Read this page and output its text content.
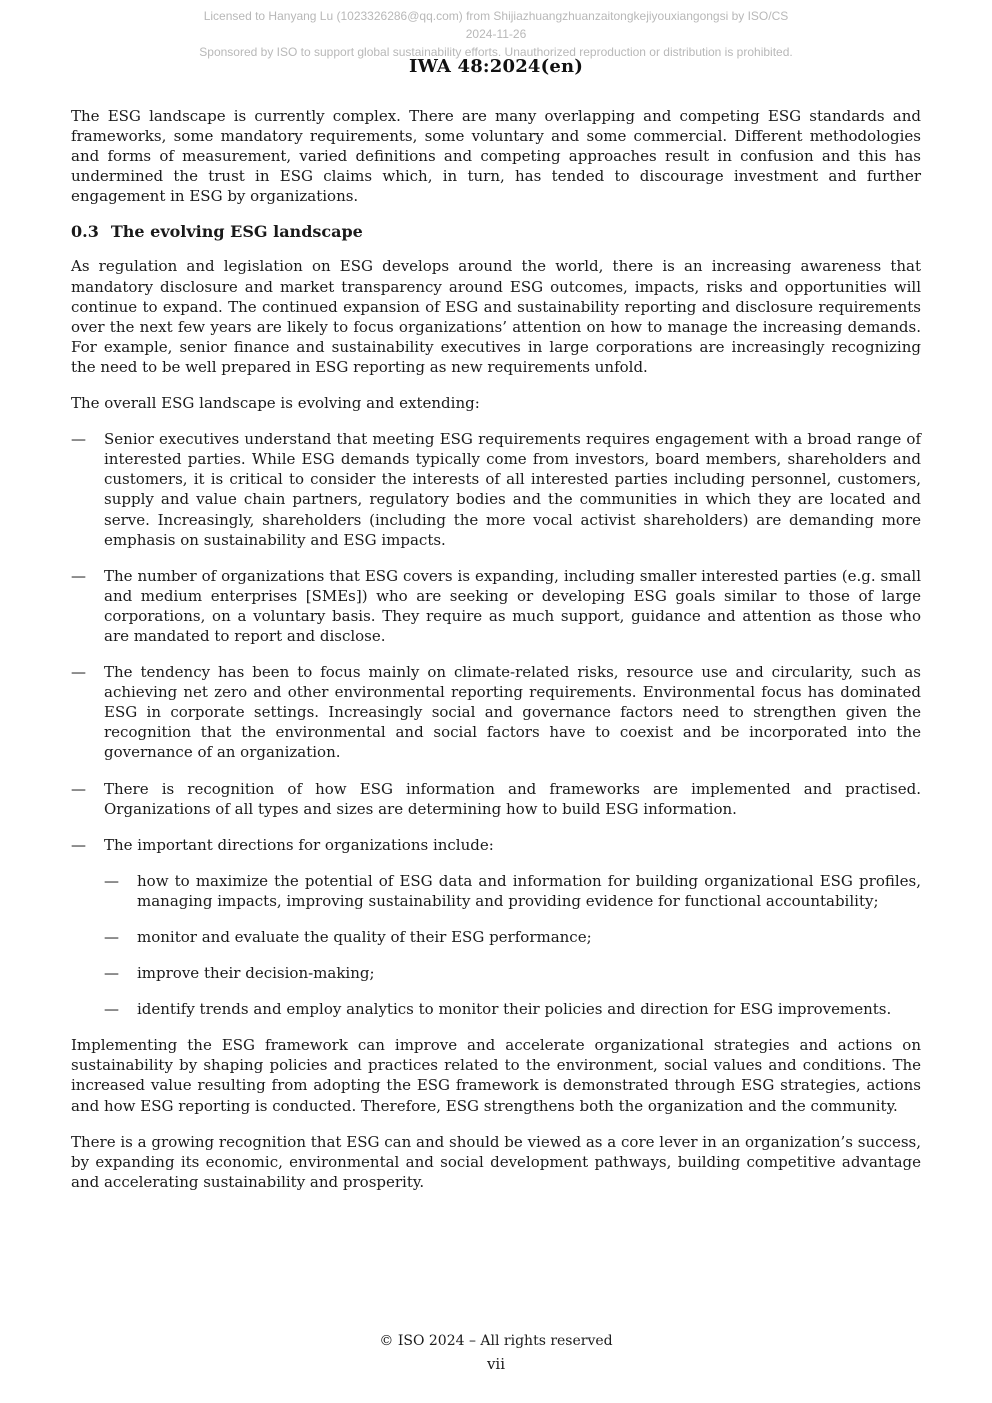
Licensed to Hanyang Lu (1023326286@qq.com) from Shijiazhuangzhuanzaitongkejiyouxiangongsi by ISO/CS
2024-11-26
Sponsored by ISO to support global sustainability efforts. Unauthorized reproduction or distribution is prohibited.
IWA 48:2024(en)

The ESG landscape is currently complex. There are many overlapping and competing ESG standards and frameworks, some mandatory requirements, some voluntary and some commercial. Different methodologies and forms of measurement, varied definitions and competing approaches result in confusion and this has undermined the trust in ESG claims which, in turn, has tended to discourage investment and further engagement in ESG by organizations.

0.3 The evolving ESG landscape

As regulation and legislation on ESG develops around the world, there is an increasing awareness that mandatory disclosure and market transparency around ESG outcomes, impacts, risks and opportunities will continue to expand. The continued expansion of ESG and sustainability reporting and disclosure requirements over the next few years are likely to focus organizations’ attention on how to manage the increasing demands. For example, senior finance and sustainability executives in large corporations are increasingly recognizing the need to be well prepared in ESG reporting as new requirements unfold.

The overall ESG landscape is evolving and extending:

— Senior executives understand that meeting ESG requirements requires engagement with a broad range of interested parties. While ESG demands typically come from investors, board members, shareholders and customers, it is critical to consider the interests of all interested parties including personnel, customers, supply and value chain partners, regulatory bodies and the communities in which they are located and serve. Increasingly, shareholders (including the more vocal activist shareholders) are demanding more emphasis on sustainability and ESG impacts.
— The number of organizations that ESG covers is expanding, including smaller interested parties (e.g. small and medium enterprises [SMEs]) who are seeking or developing ESG goals similar to those of large corporations, on a voluntary basis. They require as much support, guidance and attention as those who are mandated to report and disclose.
— The tendency has been to focus mainly on climate-related risks, resource use and circularity, such as achieving net zero and other environmental reporting requirements. Environmental focus has dominated ESG in corporate settings. Increasingly social and governance factors need to strengthen given the recognition that the environmental and social factors have to coexist and be incorporated into the governance of an organization.
— There is recognition of how ESG information and frameworks are implemented and practised. Organizations of all types and sizes are determining how to build ESG information.
— The important directions for organizations include:
— how to maximize the potential of ESG data and information for building organizational ESG profiles, managing impacts, improving sustainability and providing evidence for functional accountability;
— monitor and evaluate the quality of their ESG performance;
— improve their decision-making;
— identify trends and employ analytics to monitor their policies and direction for ESG improvements.

Implementing the ESG framework can improve and accelerate organizational strategies and actions on sustainability by shaping policies and practices related to the environment, social values and conditions. The increased value resulting from adopting the ESG framework is demonstrated through ESG strategies, actions and how ESG reporting is conducted. Therefore, ESG strengthens both the organization and the community.

There is a growing recognition that ESG can and should be viewed as a core lever in an organization’s success, by expanding its economic, environmental and social development pathways, building competitive advantage and accelerating sustainability and prosperity.

© ISO 2024 – All rights reserved
vii
